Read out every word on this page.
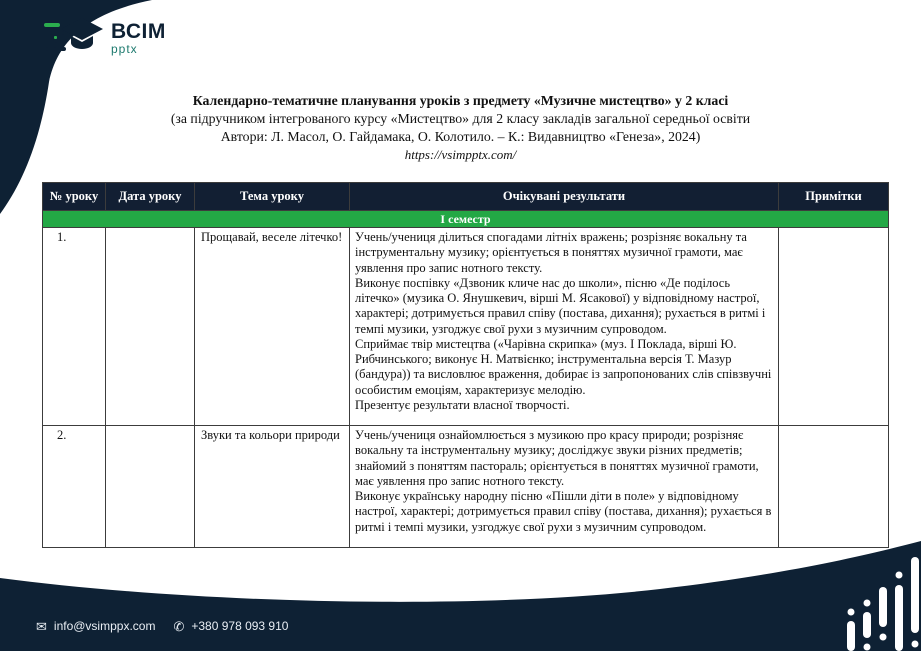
ВСІМ
pptx
Календарно-тематичне планування уроків з предмету «Музичне мистецтво» у 2 класі
(за підручником інтегрованого курсу «Мистецтво» для 2 класу закладів загальної середньої освіти
Автори: Л. Масол, О. Гайдамака, О. Колотило. – К.: Видавництво «Генеза», 2024)
https://vsimpptx.com/
№ уроку	Дата уроку	Тема уроку	Очікувані результати	Примітки
І семестр				
1.		Прощавай, веселе літечко!	Учень/учениця ділиться спогадами літніх вражень; розрізняє вокальну та інструментальну музику; орієнтується в поняттях музичної грамоти, має уявлення про запис нотного тексту.

Виконує поспівку «Дзвоник кличе нас до школи», пісню «Де поділось літечко» (музика О. Янушкевич, вірші М. Ясакової) у відповідному настрої, характері; дотримується правил співу (постава, дихання); рухається в ритмі і темпі музики, узгоджує свої рухи з музичним супроводом.

Сприймає твір мистецтва («Чарівна скрипка» (муз. І Поклада, вірші Ю. Рибчинського; виконує Н. Матвієнко; інструментальна версія Т. Мазур (бандура)) та висловлює враження, добирає із запропонованих слів співзвучні особистим емоціям, характеризує мелодію.

Презентує результати власної творчості.	

2.		Звуки та кольори природи	Учень/учениця ознайомлюється з музикою про красу природи; розрізняє вокальну та інструментальну музику; досліджує звуки різних предметів; знайомий з поняттям пастораль; орієнтується в поняттях музичної грамоти, має уявлення про запис нотного тексту.

Виконує українську народну пісню «Пішли діти в поле» у відповідному настрої, характері; дотримується правил співу (постава, дихання); рухається в ритмі і темпі музики, узгоджує свої рухи з музичним супроводом.	

✉ info@vsimppx.com ✆ +380 978 093 910
